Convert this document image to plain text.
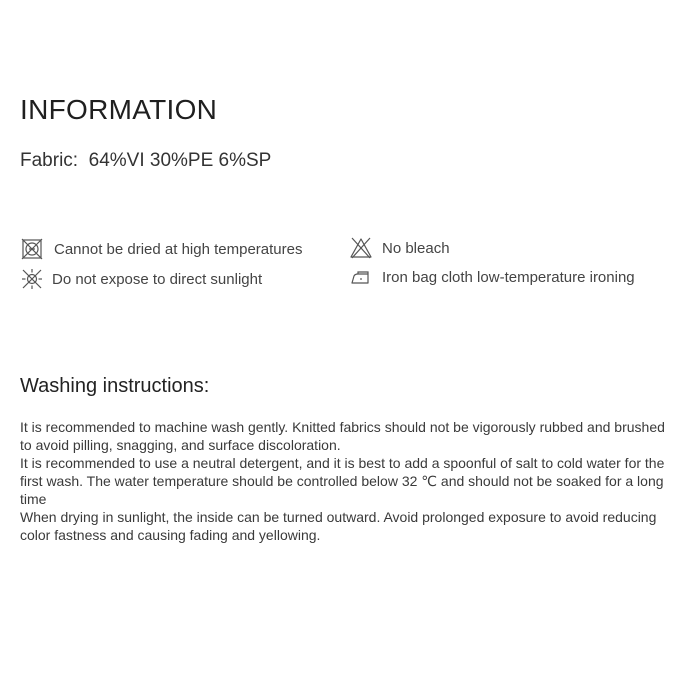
INFORMATION
Fabric:  64%VI 30%PE 6%SP
Cannot be dried at high temperatures	No bleach
Do not expose to direct sunlight	Iron bag cloth low-temperature ironing
Washing instructions:

It is recommended to machine wash gently. Knitted fabrics should not be vigorously rubbed and brushed to avoid pilling, snagging, and surface discoloration.

It is recommended to use a neutral detergent, and it is best to add a spoonful of salt to cold water for the first wash. The water temperature should be controlled below 32 ℃ and should not be soaked for a long time

When drying in sunlight, the inside can be turned outward. Avoid prolonged exposure to avoid reducing color fastness and causing fading and yellowing.
